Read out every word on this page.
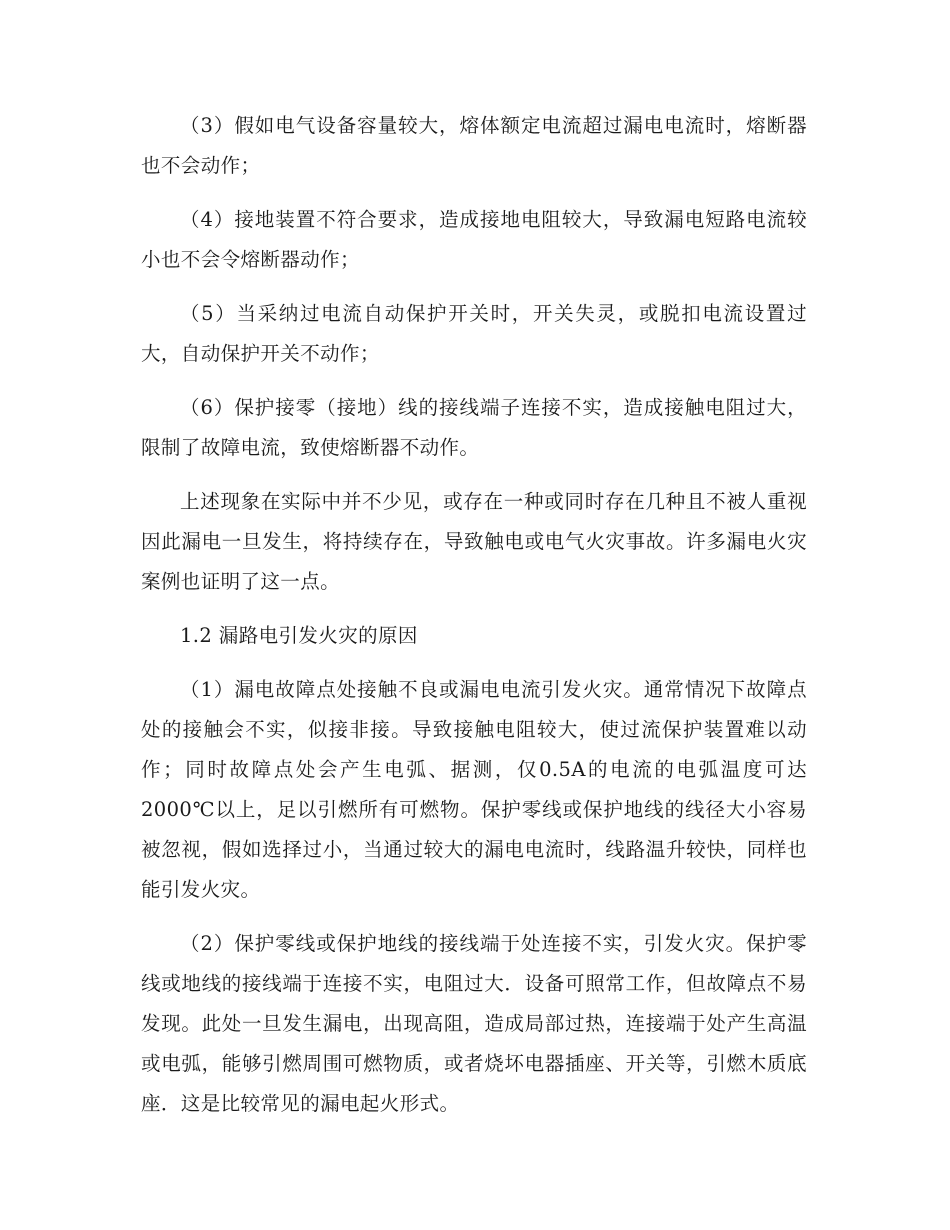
（3）假如电气设备容量较大，熔体额定电流超过漏电电流时，熔断器也不会动作；

（4）接地装置不符合要求，造成接地电阻较大，导致漏电短路电流较小也不会令熔断器动作；

（5）当采纳过电流自动保护开关时，开关失灵，或脱扣电流设置过大，自动保护开关不动作；

（6）保护接零（接地）线的接线端子连接不实，造成接触电阻过大，限制了故障电流，致使熔断器不动作。

上述现象在实际中并不少见，或存在一种或同时存在几种且不被人重视因此漏电一旦发生，将持续存在，导致触电或电气火灾事故。许多漏电火灾案例也证明了这一点。

1.2 漏路电引发火灾的原因

（1）漏电故障点处接触不良或漏电电流引发火灾。通常情况下故障点处的接触会不实，似接非接。导致接触电阻较大，使过流保护装置难以动作；同时故障点处会产生电弧、据测，仅0.5A的电流的电弧温度可达2000℃以上，足以引燃所有可燃物。保护零线或保护地线的线径大小容易被忽视，假如选择过小，当通过较大的漏电电流时，线路温升较快，同样也能引发火灾。

（2）保护零线或保护地线的接线端于处连接不实，引发火灾。保护零线或地线的接线端于连接不实，电阻过大．设备可照常工作，但故障点不易发现。此处一旦发生漏电，出现高阻，造成局部过热，连接端于处产生高温或电弧，能够引燃周围可燃物质，或者烧坏电器插座、开关等，引燃木质底座．这是比较常见的漏电起火形式。
